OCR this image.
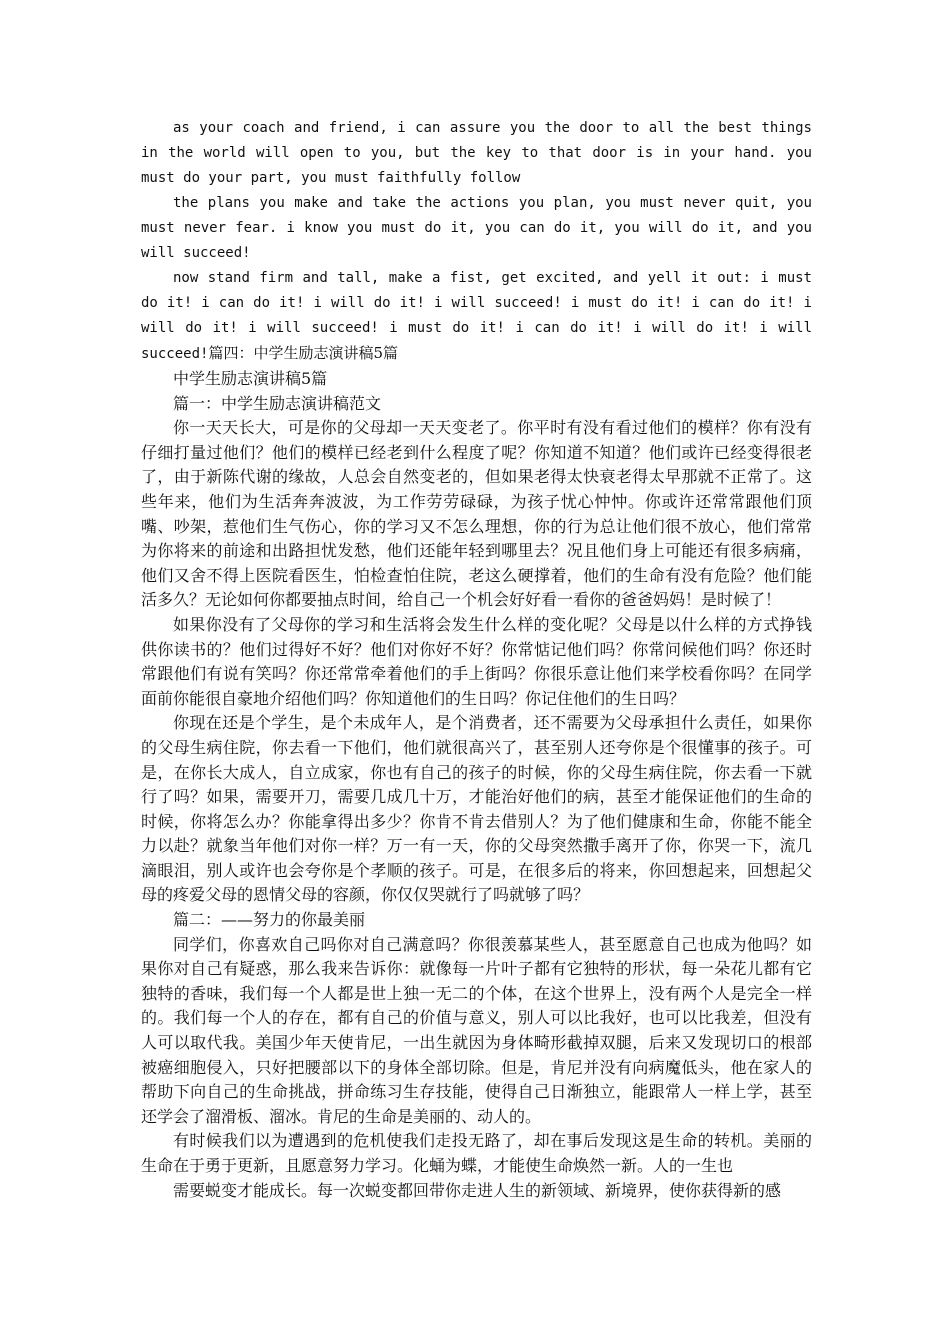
as your coach and friend, i can assure you the door to all the best things in the world will open to you, but the key to that door is in your hand. you must do your part, you must faithfully follow

the plans you make and take the actions you plan, you must never quit, you must never fear. i know you must do it, you can do it, you will do it, and you will succeed!

now stand firm and tall, make a fist, get excited, and yell it out: i must do it! i can do it! i will do it! i will succeed! i must do it! i can do it! i will do it! i will succeed! i must do it! i can do it! i will do it! i will succeed!篇四：中学生励志演讲稿5篇

中学生励志演讲稿5篇

篇一：中学生励志演讲稿范文

你一天天长大，可是你的父母却一天天变老了。你平时有没有看过他们的模样？你有没有仔细打量过他们？他们的模样已经老到什么程度了呢？你知道不知道？他们或许已经变得很老了，由于新陈代谢的缘故，人总会自然变老的，但如果老得太快衰老得太早那就不正常了。这些年来，他们为生活奔奔波波，为工作劳劳碌碌，为孩子忧心忡忡。你或许还常常跟他们顶嘴、吵架，惹他们生气伤心，你的学习又不怎么理想，你的行为总让他们很不放心，他们常常为你将来的前途和出路担忧发愁，他们还能年轻到哪里去？况且他们身上可能还有很多病痛，他们又舍不得上医院看医生，怕检查怕住院，老这么硬撑着，他们的生命有没有危险？他们能活多久？无论如何你都要抽点时间，给自己一个机会好好看一看你的爸爸妈妈！是时候了！

如果你没有了父母你的学习和生活将会发生什么样的变化呢？父母是以什么样的方式挣钱供你读书的？他们过得好不好？他们对你好不好？你常惦记他们吗？你常问候他们吗？你还时常跟他们有说有笑吗？你还常常牵着他们的手上街吗？你很乐意让他们来学校看你吗？在同学面前你能很自豪地介绍他们吗？你知道他们的生日吗？你记住他们的生日吗？

你现在还是个学生，是个未成年人，是个消费者，还不需要为父母承担什么责任，如果你的父母生病住院，你去看一下他们，他们就很高兴了，甚至别人还夸你是个很懂事的孩子。可是，在你长大成人，自立成家，你也有自己的孩子的时候，你的父母生病住院，你去看一下就行了吗？如果，需要开刀，需要几成几十万，才能治好他们的病，甚至才能保证他们的生命的时候，你将怎么办？你能拿得出多少？你肯不肯去借别人？为了他们健康和生命，你能不能全力以赴？就象当年他们对你一样？万一有一天，你的父母突然撒手离开了你，你哭一下，流几滴眼泪，别人或许也会夸你是个孝顺的孩子。可是，在很多后的将来，你回想起来，回想起父母的疼爱父母的恩情父母的容颜，你仅仅哭就行了吗就够了吗？

篇二：——努力的你最美丽

同学们，你喜欢自己吗你对自己满意吗？你很羡慕某些人，甚至愿意自己也成为他吗？如果你对自己有疑惑，那么我来告诉你：就像每一片叶子都有它独特的形状，每一朵花儿都有它独特的香味，我们每一个人都是世上独一无二的个体，在这个世界上，没有两个人是完全一样的。我们每一个人的存在，都有自己的价值与意义，别人可以比我好，也可以比我差，但没有人可以取代我。美国少年天使肯尼，一出生就因为身体畸形截掉双腿，后来又发现切口的根部被癌细胞侵入，只好把腰部以下的身体全部切除。但是，肯尼并没有向病魔低头，他在家人的帮助下向自己的生命挑战，拼命练习生存技能，使得自己日渐独立，能跟常人一样上学，甚至还学会了溜滑板、溜冰。肯尼的生命是美丽的、动人的。

有时候我们以为遭遇到的危机使我们走投无路了，却在事后发现这是生命的转机。美丽的生命在于勇于更新，且愿意努力学习。化蛹为蝶，才能使生命焕然一新。人的一生也

需要蜕变才能成长。每一次蜕变都回带你走进人生的新领域、新境界，使你获得新的感
